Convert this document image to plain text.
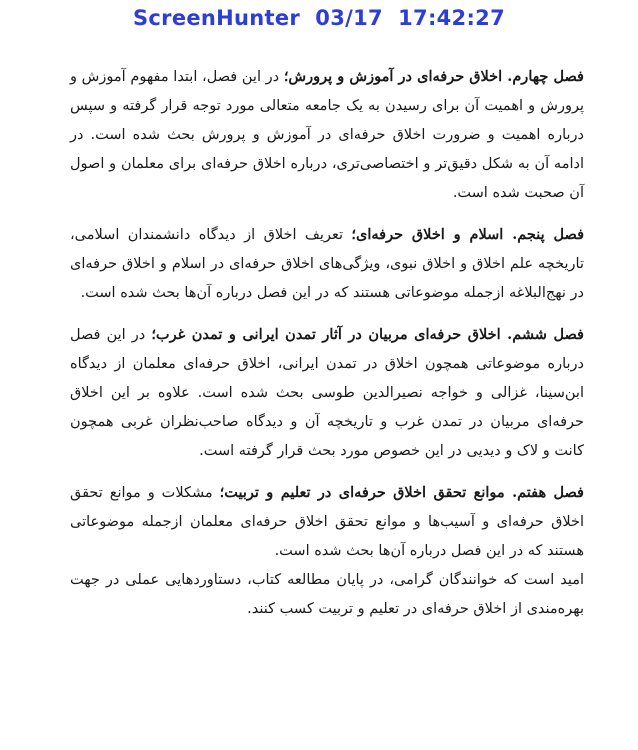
ScreenHunter  03/17  17:42:27

فصل چهارم. اخلاق حرفه‌ای در آموزش و پرورش؛ در این فصل، ابتدا مفهوم آموزش و پرورش و اهمیت آن برای رسیدن به یک جامعه متعالی مورد توجه قرار گرفته و سپس درباره اهمیت و ضرورت اخلاق حرفه‌ای در آموزش و پرورش بحث شده است. در ادامه آن به شکل دقیق‌تر و اختصاصی‌تری، درباره اخلاق حرفه‌ای برای معلمان و اصول آن صحبت شده است.

فصل پنجم. اسلام و اخلاق حرفه‌ای؛ تعریف اخلاق از دیدگاه دانشمندان اسلامی، تاریخچه علم اخلاق و اخلاق نبوی، ویژگی‌های اخلاق حرفه‌ای در اسلام و اخلاق حرفه‌ای در نهج‌البلاغه ازجمله موضوعاتی هستند که در این فصل درباره آن‌ها بحث شده است.

فصل ششم. اخلاق حرفه‌ای مربیان در آثار تمدن ایرانی و تمدن غرب؛ در این فصل درباره موضوعاتی همچون اخلاق در تمدن ایرانی، اخلاق حرفه‌ای معلمان از دیدگاه ابن‌سینا، غزالی و خواجه نصیرالدین طوسی بحث شده است. علاوه بر این اخلاق حرفه‌ای مربیان در تمدن غرب و تاریخچه آن و دیدگاه صاحب‌نظران غربی همچون کانت و لاک و دیدیی در این خصوص مورد بحث قرار گرفته است.

فصل هفتم. موانع تحقق اخلاق حرفه‌ای در تعلیم و تربیت؛ مشکلات و موانع تحقق اخلاق حرفه‌ای و آسیب‌ها و موانع تحقق اخلاق حرفه‌ای معلمان ازجمله موضوعاتی هستند که در این فصل درباره آن‌ها بحث شده است.

امید است که خوانندگان گرامی، در پایان مطالعه کتاب، دستاوردهایی عملی در جهت بهره‌مندی از اخلاق حرفه‌ای در تعلیم و تربیت کسب کنند.
